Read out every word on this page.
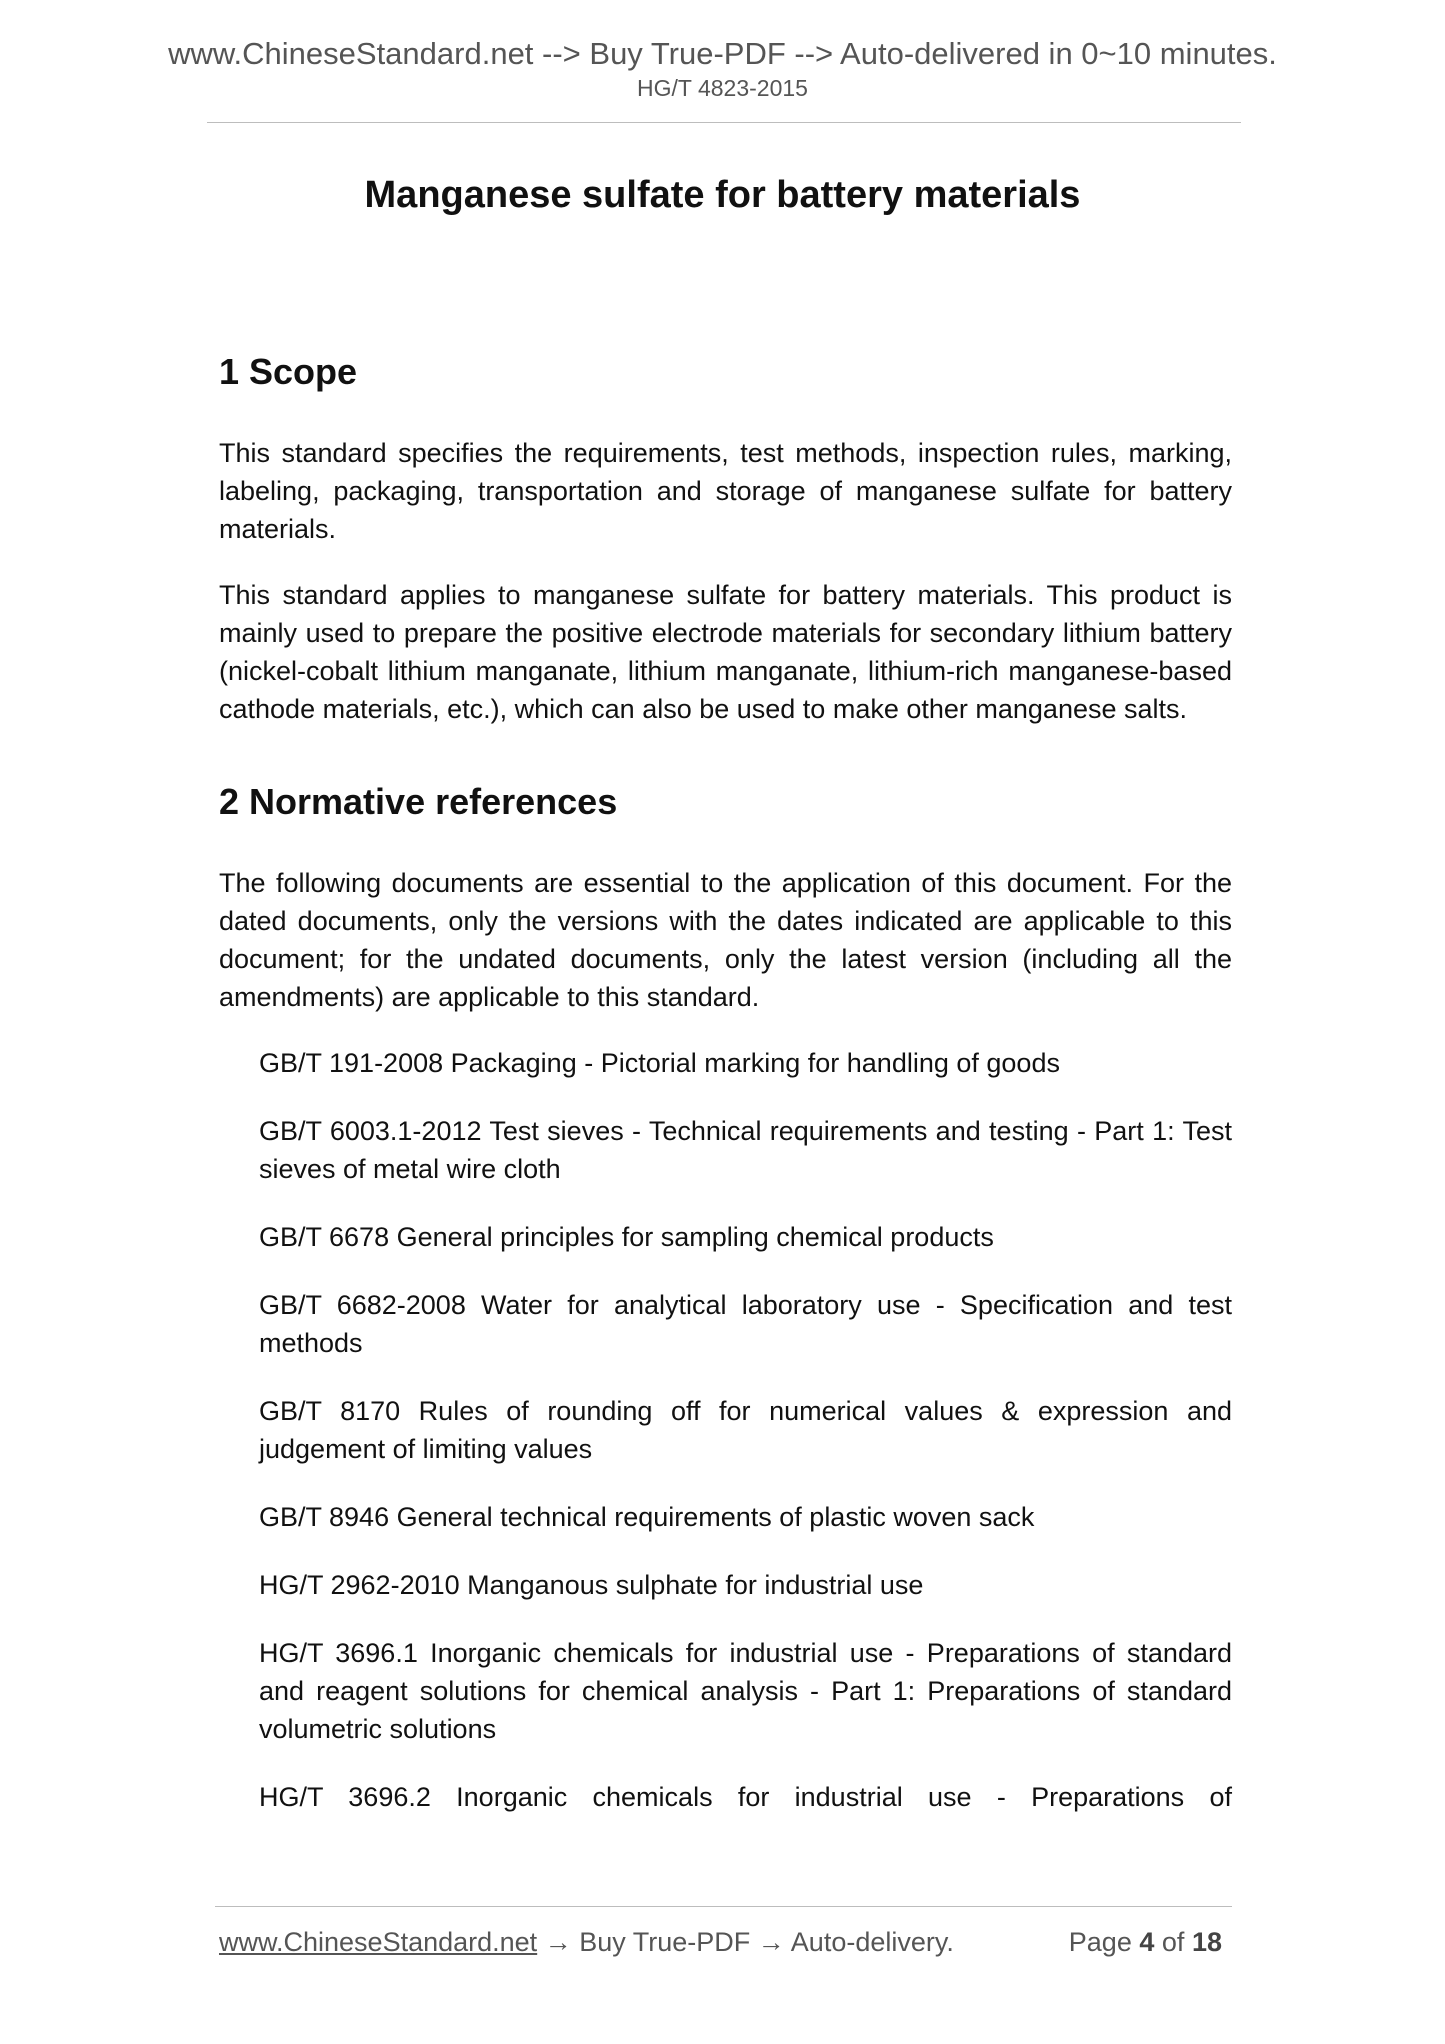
www.ChineseStandard.net --> Buy True-PDF --> Auto-delivered in 0~10 minutes.
HG/T 4823-2015
Manganese sulfate for battery materials
1 Scope

This standard specifies the requirements, test methods, inspection rules, marking, labeling, packaging, transportation and storage of manganese sulfate for battery materials.

This standard applies to manganese sulfate for battery materials. This product is mainly used to prepare the positive electrode materials for secondary lithium battery (nickel-cobalt lithium manganate, lithium manganate, lithium-rich manganese-based cathode materials, etc.), which can also be used to make other manganese salts.

2 Normative references

The following documents are essential to the application of this document. For the dated documents, only the versions with the dates indicated are applicable to this document; for the undated documents, only the latest version (including all the amendments) are applicable to this standard.

GB/T 191-2008 Packaging - Pictorial marking for handling of goods
GB/T 6003.1-2012 Test sieves - Technical requirements and testing - Part 1: Test sieves of metal wire cloth
GB/T 6678 General principles for sampling chemical products
GB/T 6682-2008 Water for analytical laboratory use - Specification and test methods
GB/T 8170 Rules of rounding off for numerical values & expression and judgement of limiting values
GB/T 8946 General technical requirements of plastic woven sack
HG/T 2962-2010 Manganous sulphate for industrial use
HG/T 3696.1 Inorganic chemicals for industrial use - Preparations of standard and reagent solutions for chemical analysis - Part 1: Preparations of standard volumetric solutions
HG/T 3696.2 Inorganic chemicals for industrial use - Preparations of
www.ChineseStandard.net → Buy True-PDF → Auto-delivery.	Page 4 of 18
